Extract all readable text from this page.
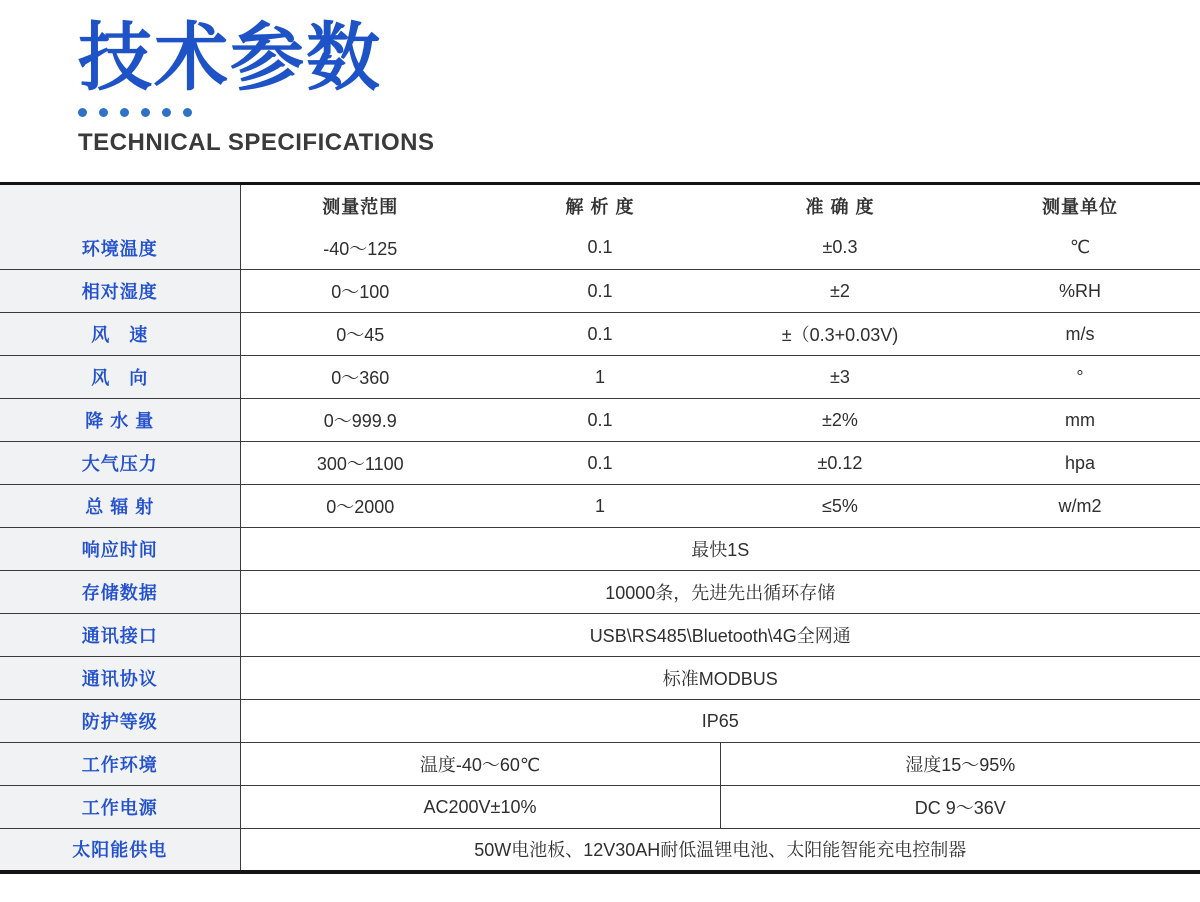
技术参数
TECHNICAL SPECIFICATIONS
	测量范围	解 析 度	准 确 度	测量单位
环境温度	-40～125	0.1	±0.3	℃
相对湿度	0～100	0.1	±2	%RH
风　速	0～45	0.1	±（0.3+0.03V)	m/s
风　向	0～360	1	±3	°
降 水 量	0～999.9	0.1	±2%	mm
大气压力	300～1100	0.1	±0.12	hpa
总 辐 射	0～2000	1	≤5%	w/m2
响应时间	最快1S			
存储数据	10000条，先进先出循环存储			
通讯接口	USB\RS485\Bluetooth\4G全网通			
通讯协议	标准MODBUS			
防护等级	IP65			
工作环境	温度-40～60℃		湿度15～95%	
工作电源	AC200V±10%		DC 9～36V	
太阳能供电	50W电池板、12V30AH耐低温锂电池、太阳能智能充电控制器			
